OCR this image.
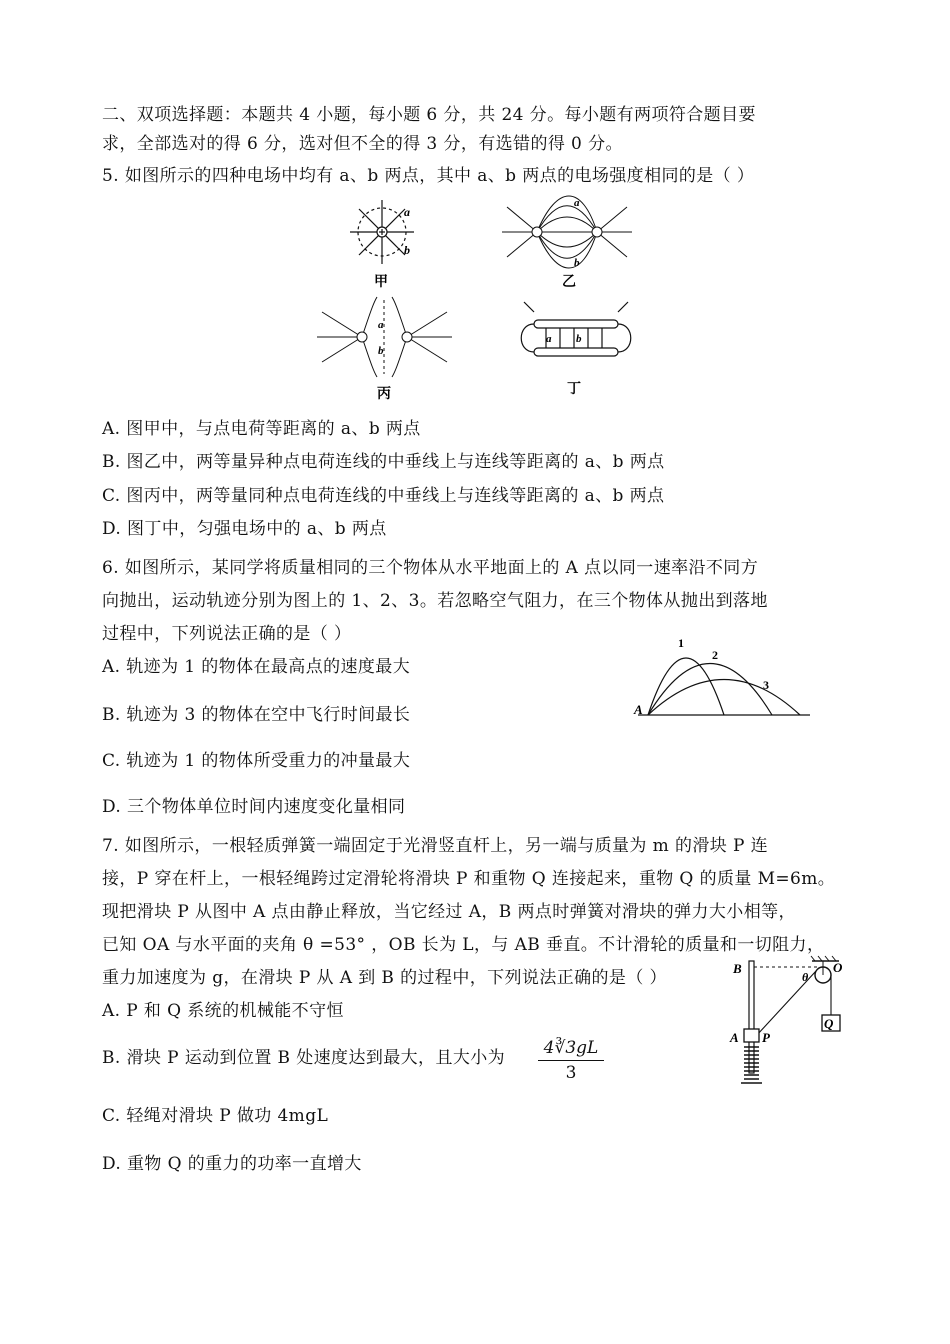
二、双项选择题：本题共 4 小题，每小题 6 分，共 24 分。每小题有两项符合题目要
求，全部选对的得 6 分，选对但不全的得 3 分，有选错的得 0 分。
5. 如图所示的四种电场中均有 a、b 两点，其中 a、b 两点的电场强度相同的是（ ）
a
b
甲
a
b
乙
a
b
丙
a b
丁
A. 图甲中，与点电荷等距离的 a、b 两点
B. 图乙中，两等量异种点电荷连线的中垂线上与连线等距离的 a、b 两点
C. 图丙中，两等量同种点电荷连线的中垂线上与连线等距离的 a、b 两点
D. 图丁中，匀强电场中的 a、b 两点
6. 如图所示，某同学将质量相同的三个物体从水平地面上的 A 点以同一速率沿不同方
向抛出，运动轨迹分别为图上的 1、2、3。若忽略空气阻力，在三个物体从抛出到落地
过程中，下列说法正确的是（ ）
A. 轨迹为 1 的物体在最高点的速度最大
A
1
2
3
B. 轨迹为 3 的物体在空中飞行时间最长
C. 轨迹为 1 的物体所受重力的冲量最大
D. 三个物体单位时间内速度变化量相同
7. 如图所示，一根轻质弹簧一端固定于光滑竖直杆上，另一端与质量为 m 的滑块 P 连
接，P 穿在杆上，一根轻绳跨过定滑轮将滑块 P 和重物 Q 连接起来，重物 Q 的质量 M=6m。
现把滑块 P 从图中 A 点由静止释放，当它经过 A，B 两点时弹簧对滑块的弹力大小相等，
已知 OA 与水平面的夹角 θ =53° ，OB 长为 L，与 AB 垂直。不计滑轮的质量和一切阻力，
重力加速度为 g，在滑块 P 从 A 到 B 的过程中，下列说法正确的是（ ）	B
θ
O
A P
Q
A. P 和 Q 系统的机械能不守恒
B. 滑块 P 运动到位置 B 处速度达到最大，且大小为 $\frac{4∛3gL}{3}$
C. 轻绳对滑块 P 做功 4mgL
D. 重物 Q 的重力的功率一直增大
